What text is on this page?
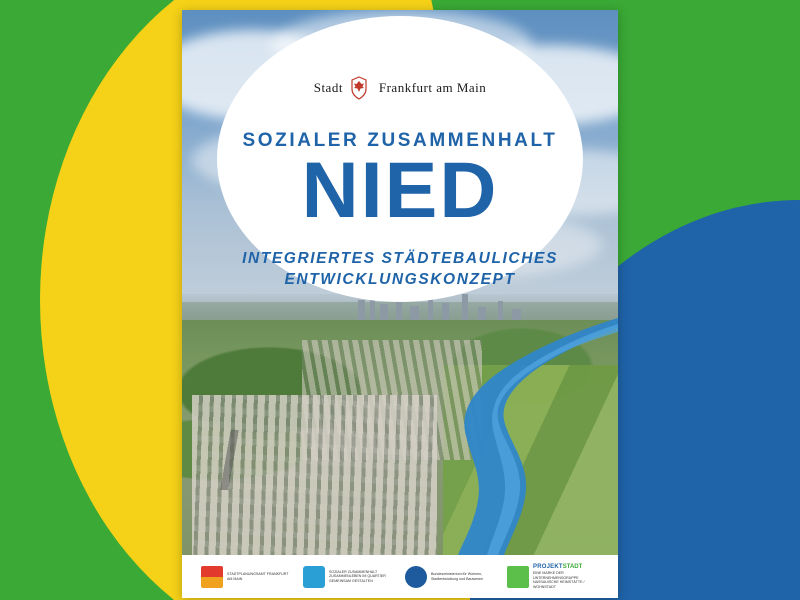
Stadt	Frankfurt am Main
SOZIALER ZUSAMMENHALT
NIED
INTEGRIERTES STÄDTEBAULICHES
ENTWICKLUNGSKONZEPT
STADTPLANUNGSAMT FRANKFURT AM MAIN
SOZIALER ZUSAMMENHALT ZUSAMMENLEBEN IM QUARTIER GEMEINSAM GESTALTEN
Bundesministerium für Wohnen, Stadtentwicklung und Bauwesen
PROJEKTSTADT
EINE MARKE DER UNTERNEHMENSGRUPPE NASSAUISCHE HEIMSTÄTTE / WOHNSTADT
